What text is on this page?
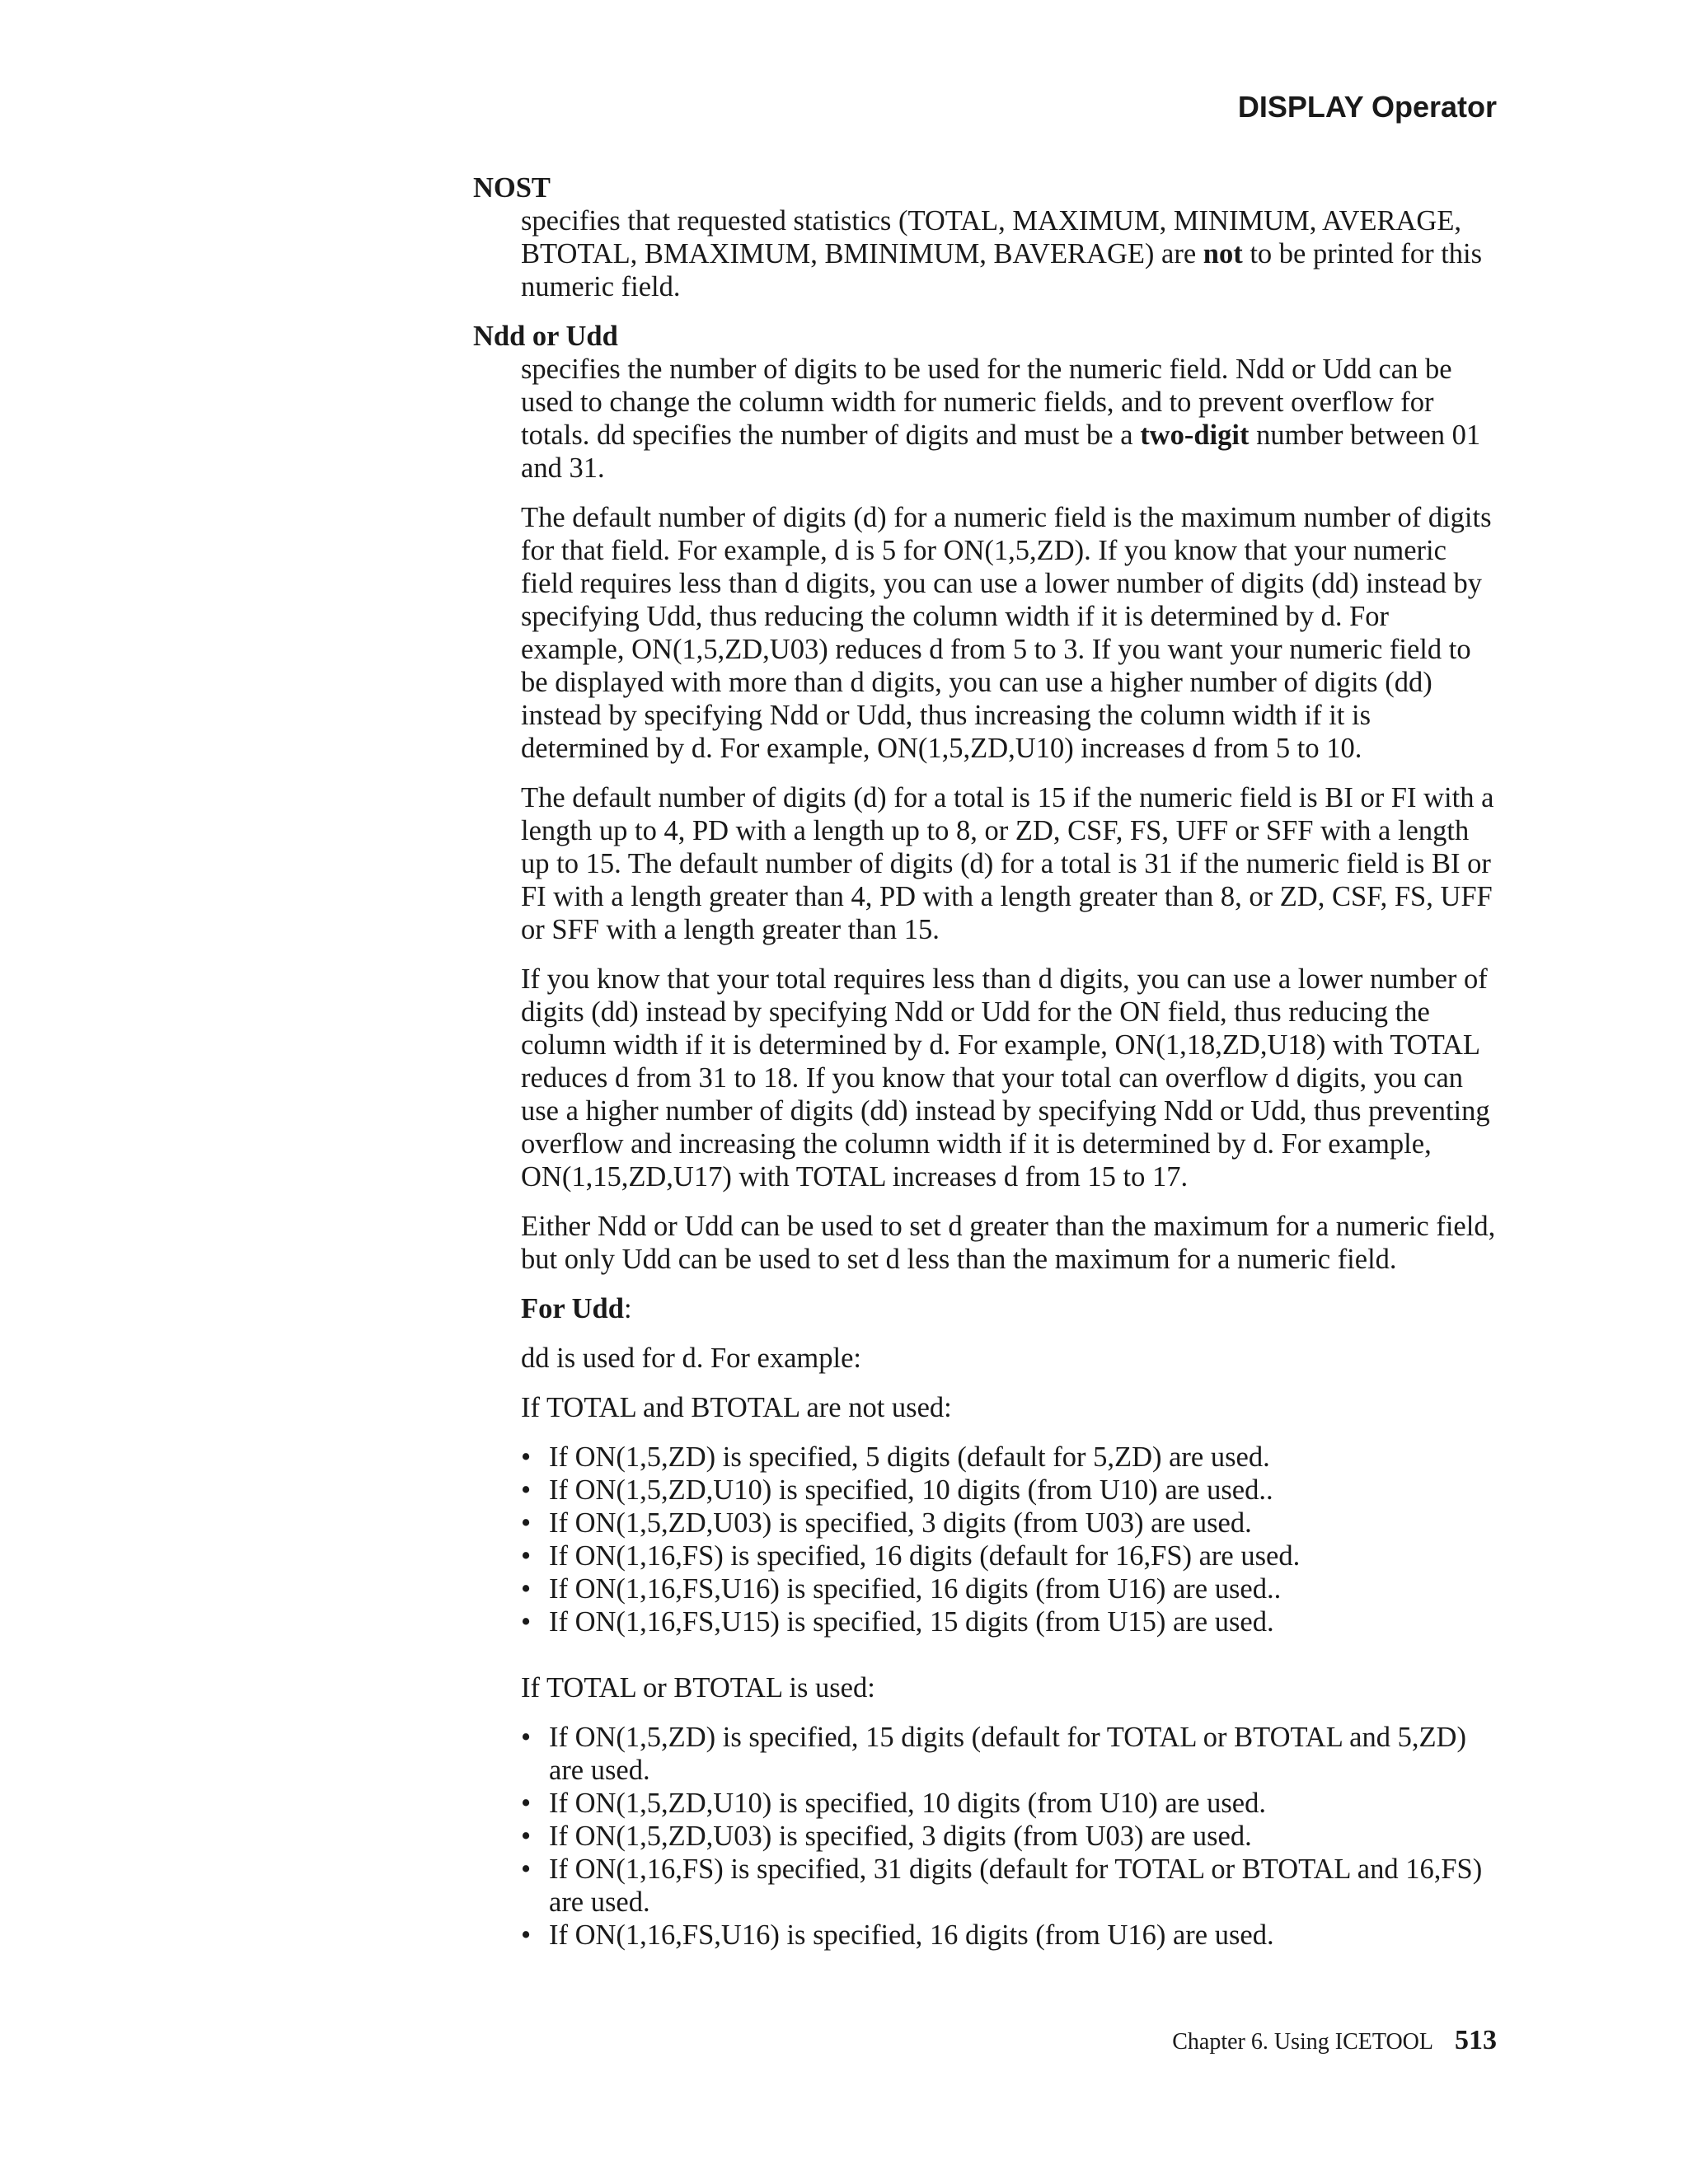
DISPLAY Operator

NOST

specifies that requested statistics (TOTAL, MAXIMUM, MINIMUM, AVERAGE, BTOTAL, BMAXIMUM, BMINIMUM, BAVERAGE) are not to be printed for this numeric field.

Ndd or Udd

specifies the number of digits to be used for the numeric field. Ndd or Udd can be used to change the column width for numeric fields, and to prevent overflow for totals. dd specifies the number of digits and must be a two-digit number between 01 and 31.

The default number of digits (d) for a numeric field is the maximum number of digits for that field. For example, d is 5 for ON(1,5,ZD). If you know that your numeric field requires less than d digits, you can use a lower number of digits (dd) instead by specifying Udd, thus reducing the column width if it is determined by d. For example, ON(1,5,ZD,U03) reduces d from 5 to 3. If you want your numeric field to be displayed with more than d digits, you can use a higher number of digits (dd) instead by specifying Ndd or Udd, thus increasing the column width if it is determined by d. For example, ON(1,5,ZD,U10) increases d from 5 to 10.

The default number of digits (d) for a total is 15 if the numeric field is BI or FI with a length up to 4, PD with a length up to 8, or ZD, CSF, FS, UFF or SFF with a length up to 15. The default number of digits (d) for a total is 31 if the numeric field is BI or FI with a length greater than 4, PD with a length greater than 8, or ZD, CSF, FS, UFF or SFF with a length greater than 15.

If you know that your total requires less than d digits, you can use a lower number of digits (dd) instead by specifying Ndd or Udd for the ON field, thus reducing the column width if it is determined by d. For example, ON(1,18,ZD,U18) with TOTAL reduces d from 31 to 18. If you know that your total can overflow d digits, you can use a higher number of digits (dd) instead by specifying Ndd or Udd, thus preventing overflow and increasing the column width if it is determined by d. For example, ON(1,15,ZD,U17) with TOTAL increases d from 15 to 17.

Either Ndd or Udd can be used to set d greater than the maximum for a numeric field, but only Udd can be used to set d less than the maximum for a numeric field.

For Udd:

dd is used for d. For example:

If TOTAL and BTOTAL are not used:

• If ON(1,5,ZD) is specified, 5 digits (default for 5,ZD) are used.
• If ON(1,5,ZD,U10) is specified, 10 digits (from U10) are used..
• If ON(1,5,ZD,U03) is specified, 3 digits (from U03) are used.
• If ON(1,16,FS) is specified, 16 digits (default for 16,FS) are used.
• If ON(1,16,FS,U16) is specified, 16 digits (from U16) are used..
• If ON(1,16,FS,U15) is specified, 15 digits (from U15) are used.

If TOTAL or BTOTAL is used:

• If ON(1,5,ZD) is specified, 15 digits (default for TOTAL or BTOTAL and 5,ZD) are used.
• If ON(1,5,ZD,U10) is specified, 10 digits (from U10) are used.
• If ON(1,5,ZD,U03) is specified, 3 digits (from U03) are used.
• If ON(1,16,FS) is specified, 31 digits (default for TOTAL or BTOTAL and 16,FS) are used.
• If ON(1,16,FS,U16) is specified, 16 digits (from U16) are used.
Chapter 6. Using ICETOOL 513
